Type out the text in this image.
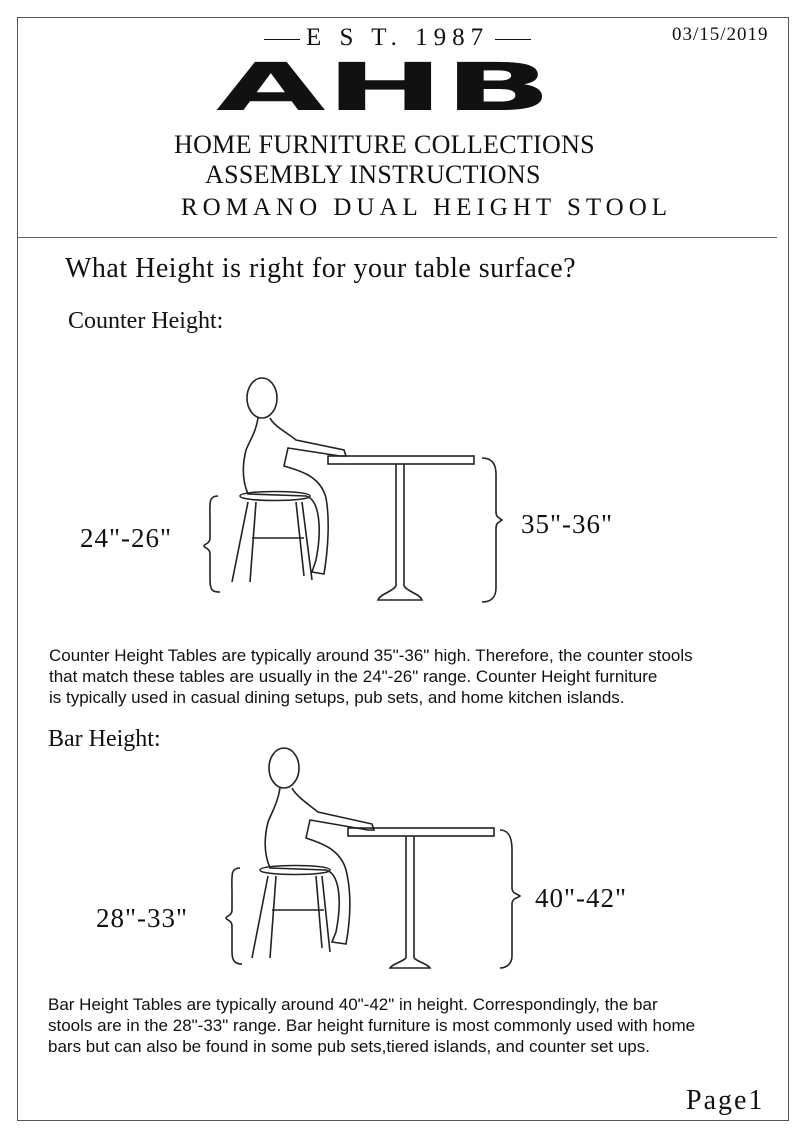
E S T. 1987	03/15/2019
AHB
HOME FURNITURE COLLECTIONS
ASSEMBLY INSTRUCTIONS
ROMANO DUAL HEIGHT STOOL
What Height is right for your table surface?
Counter Height:
24"-26"	35"-36"
Counter Height Tables are typically around 35"-36" high. Therefore, the counter stools
that match these tables are usually in the 24"-26" range. Counter Height furniture
is typically used in casual dining setups, pub sets, and home kitchen islands.
Bar Height:
28"-33"
40"-42"
Bar Height Tables are typically around 40"-42" in height. Correspondingly, the bar
stools are in the 28"-33" range. Bar height furniture is most commonly used with home
bars but can also be found in some pub sets,tiered islands, and counter set ups.
Page1
